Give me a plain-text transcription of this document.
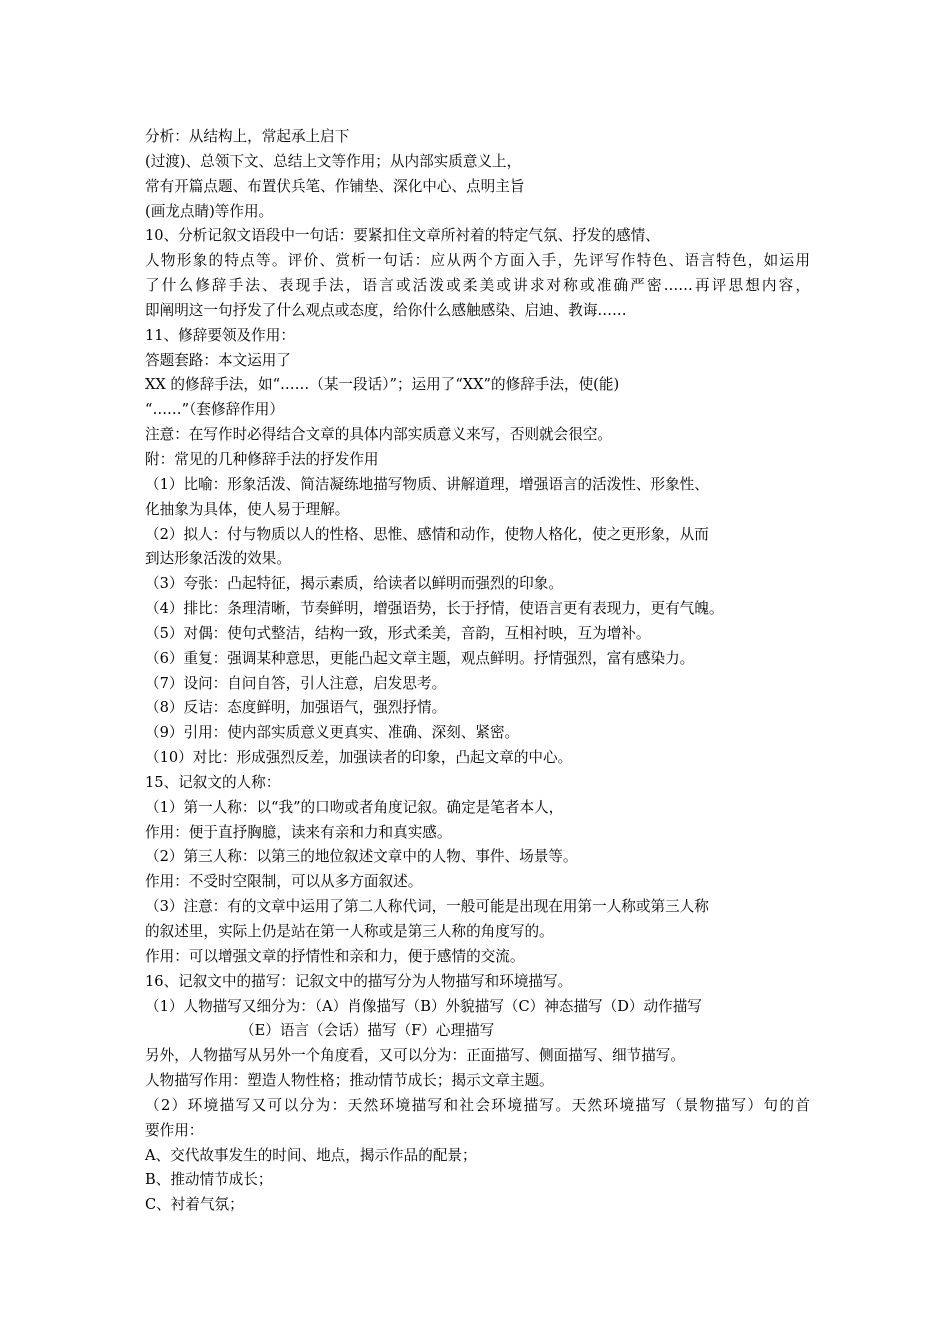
分析：从结构上，常起承上启下
(过渡)、总领下文、总结上文等作用；从内部实质意义上，
常有开篇点题、布置伏兵笔、作铺垫、深化中心、点明主旨
(画龙点睛)等作用。
10、分析记叙文语段中一句话：要紧扣住文章所衬着的特定气氛、抒发的感情、
人物形象的特点等。评价、赏析一句话：应从两个方面入手，先评写作特色、语言特色，如运用
了什么修辞手法、表现手法，语言或活泼或柔美或讲求对称或准确严密……再评思想内容，
即阐明这一句抒发了什么观点或态度，给你什么感触感染、启迪、教诲……
11、修辞要领及作用：
答题套路：本文运用了
XX 的修辞手法，如“……（某一段话）”；运用了“XX”的修辞手法，使(能)
“……”（套修辞作用）
注意：在写作时必得结合文章的具体内部实质意义来写，否则就会很空。
附：常见的几种修辞手法的抒发作用
（1）比喻：形象活泼、简洁凝练地描写物质、讲解道理，增强语言的活泼性、形象性、
化抽象为具体，使人易于理解。
（2）拟人：付与物质以人的性格、思惟、感情和动作，使物人格化，使之更形象，从而
到达形象活泼的效果。
（3）夸张：凸起特征，揭示素质，给读者以鲜明而强烈的印象。
（4）排比：条理清晰，节奏鲜明，增强语势，长于抒情，使语言更有表现力，更有气魄。
（5）对偶：使句式整洁，结构一致，形式柔美，音韵，互相衬映，互为增补。
（6）重复：强调某种意思，更能凸起文章主题，观点鲜明。抒情强烈，富有感染力。
（7）设问：自问自答，引人注意，启发思考。
（8）反诘：态度鲜明，加强语气，强烈抒情。
（9）引用：使内部实质意义更真实、准确、深刻、紧密。
（10）对比：形成强烈反差，加强读者的印象，凸起文章的中心。
15、记叙文的人称：
（1）第一人称：以“我”的口吻或者角度记叙。确定是笔者本人，
作用：便于直抒胸臆，读来有亲和力和真实感。
（2）第三人称：以第三的地位叙述文章中的人物、事件、场景等。
作用：不受时空限制，可以从多方面叙述。
（3）注意：有的文章中运用了第二人称代词，一般可能是出现在用第一人称或第三人称
的叙述里，实际上仍是站在第一人称或是第三人称的角度写的。
作用：可以增强文章的抒情性和亲和力，便于感情的交流。
16、记叙文中的描写：记叙文中的描写分为人物描写和环境描写。
（1）人物描写又细分为：（A）肖像描写（B）外貌描写（C）神态描写（D）动作描写
（E）语言（会话）描写（F）心理描写
另外，人物描写从另外一个角度看，又可以分为：正面描写、侧面描写、细节描写。
人物描写作用：塑造人物性格；推动情节成长；揭示文章主题。
（2）环境描写又可以分为：天然环境描写和社会环境描写。天然环境描写（景物描写）句的首
要作用：
A、交代故事发生的时间、地点，揭示作品的配景；
B、推动情节成长；
C、衬着气氛；
